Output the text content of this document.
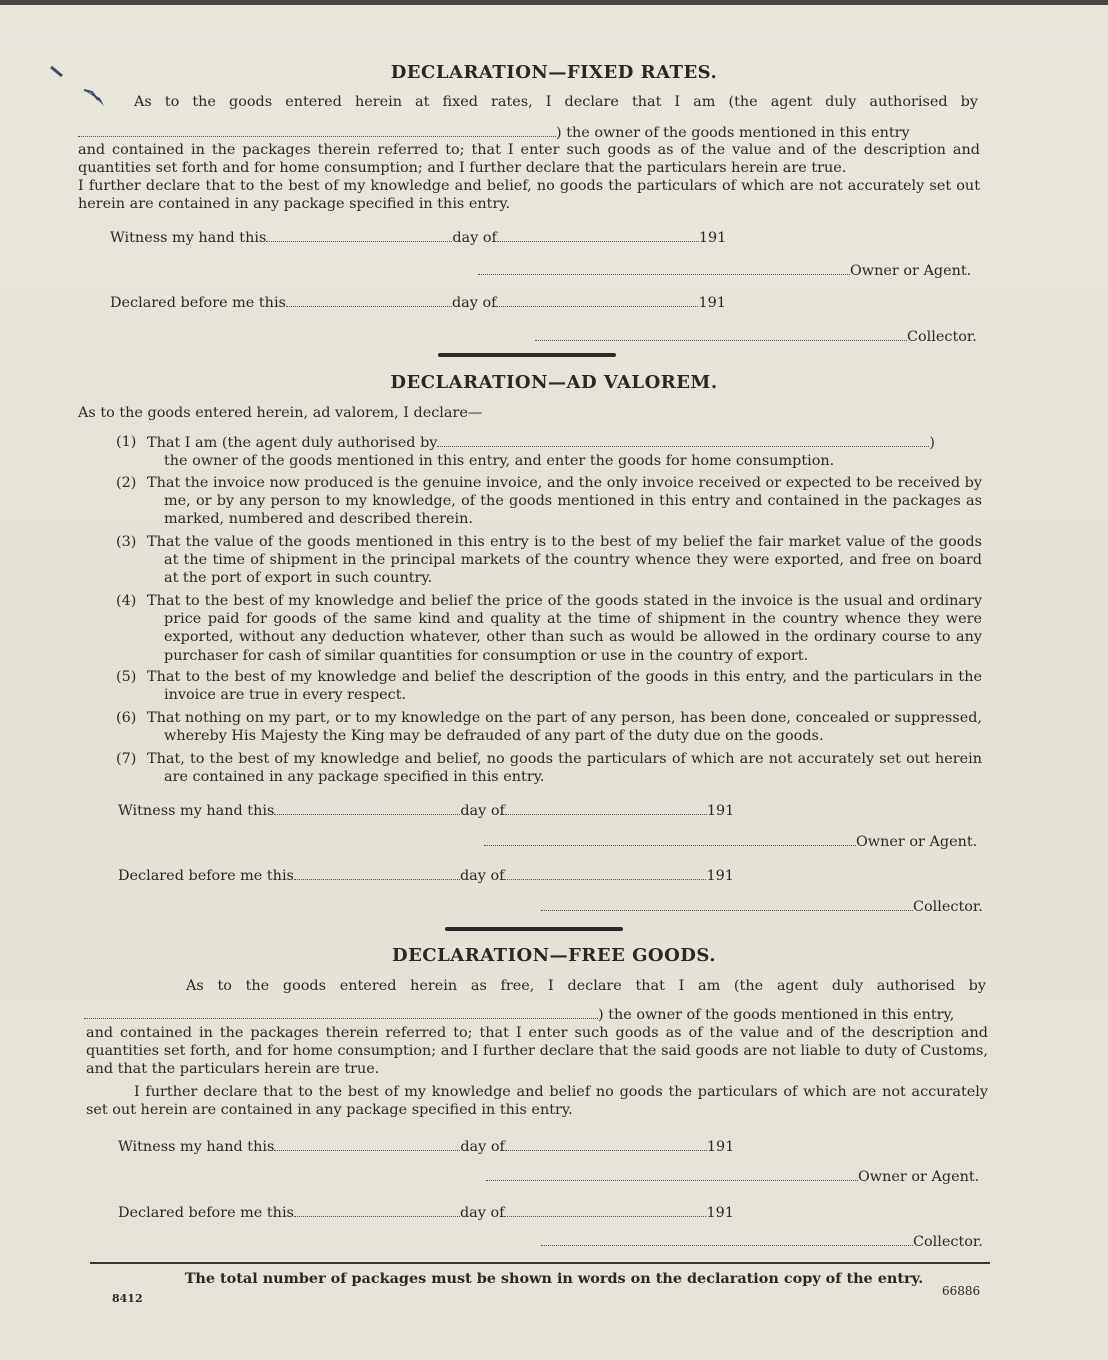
DECLARATION—FIXED RATES.
As to the goods entered herein at fixed rates, I declare that I am (the agent duly authorised by
) the owner of the goods mentioned in this entry
and contained in the packages therein referred to; that I enter such goods as of the value and of the description and quantities set forth and for home consumption; and I further declare that the particulars herein are true.
I further declare that to the best of my knowledge and belief, no goods the particulars of which are not accurately set out herein are contained in any package specified in this entry.
Witness my hand this	day of	191
Owner or Agent.
Declared before me this	day of	191
Collector.
DECLARATION—AD VALOREM.
As to the goods entered herein, ad valorem, I declare—
(1) That I am (the agent duly authorised by	)
the owner of the goods mentioned in this entry, and enter the goods for home consumption.
(2) That the invoice now produced is the genuine invoice, and the only invoice received or expected to be received by me, or by any person to my knowledge, of the goods mentioned in this entry and contained in the packages as marked, numbered and described therein.
(3) That the value of the goods mentioned in this entry is to the best of my belief the fair market value of the goods at the time of shipment in the principal markets of the country whence they were exported, and free on board at the port of export in such country.
(4) That to the best of my knowledge and belief the price of the goods stated in the invoice is the usual and ordinary price paid for goods of the same kind and quality at the time of shipment in the country whence they were exported, without any deduction whatever, other than such as would be allowed in the ordinary course to any purchaser for cash of similar quantities for consumption or use in the country of export.
(5) That to the best of my knowledge and belief the description of the goods in this entry, and the particulars in the invoice are true in every respect.
(6) That nothing on my part, or to my knowledge on the part of any person, has been done, concealed or suppressed, whereby His Majesty the King may be defrauded of any part of the duty due on the goods.
(7) That, to the best of my knowledge and belief, no goods the particulars of which are not accurately set out herein are contained in any package specified in this entry.
Witness my hand this	day of	191
Owner or Agent.
Declared before me this	day of	191
Collector.
DECLARATION—FREE GOODS.
As to the goods entered herein as free, I declare that I am (the agent duly authorised by
) the owner of the goods mentioned in this entry,
and contained in the packages therein referred to; that I enter such goods as of the value and of the description and quantities set forth, and for home consumption; and I further declare that the said goods are not liable to duty of Customs, and that the particulars herein are true.
I further declare that to the best of my knowledge and belief no goods the particulars of which are not accurately set out herein are contained in any package specified in this entry.
Witness my hand this	day of	191
Owner or Agent.
Declared before me this	day of	191
Collector.
The total number of packages must be shown in words on the declaration copy of the entry.
8412
66886
